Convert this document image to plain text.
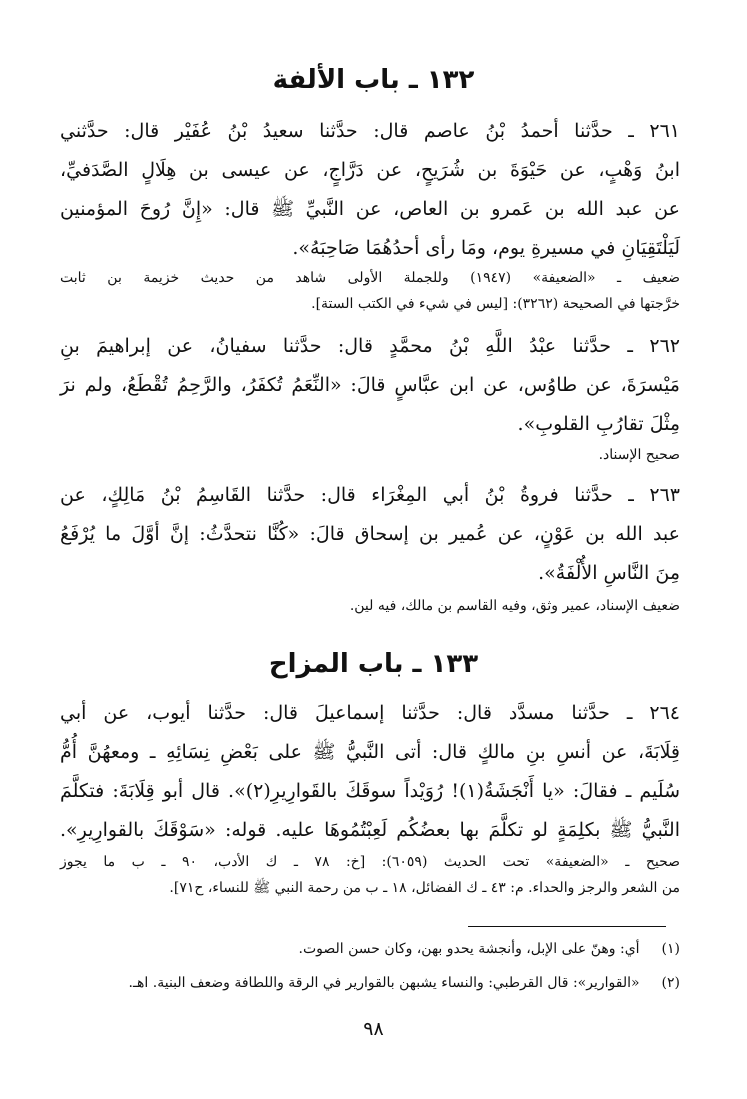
١٣٢ ـ باب الألفة
٢٦١ ـ حدَّثنا أحمدُ بْنُ عاصم قال: حدَّثنا سعيدُ بْنُ عُفَيْر قال: حدَّثني
ابنُ وَهْبٍ، عن حَيْوَةَ بن شُرَيحٍ، عن دَرَّاجٍ، عن عيسى بن هِلَالٍ الصَّدَفيِّ،
عن عبد الله بن عَمرو بن العاص، عن النَّبيِّ ﷺ قال: «إِنَّ رُوحَ المؤمنين
لَيَلْتَقِيَانِ في مسيرةِ يوم، ومَا رأى أحدُهُمَا صَاحِبَهُ».
ضعيف ـ «الضعيفة» (١٩٤٧) وللجملة الأولى شاهد من حديث خزيمة بن ثابت
خرَّجتها في الصحيحة (٣٢٦٢): [ليس في شيء في الكتب الستة].
٢٦٢ ـ حدَّثنا عبْدُ اللَّهِ بْنُ محمَّدٍ قال: حدَّثنا سفيانُ، عن إبراهيمَ بنِ
مَيْسرَةَ، عن طاوُس، عن ابن عبَّاسٍ قالَ: «النِّعَمُ تُكفَرُ، والرَّحِمُ تُقْطَعُ، ولم نرَ
مِثْلَ تقارُبِ القلوبِ».
صحيح الإسناد.
٢٦٣ ـ حدَّثنا فروةُ بْنُ أبي المِغْرَاء قال: حدَّثنا القَاسِمُ بْنُ مَالِكٍ، عن
عبد الله بن عَوْنٍ، عن عُمير بن إسحاق قالَ: «كُنَّا نتحدَّثُ: إنَّ أوَّلَ ما يُرْفَعُ
مِنَ النَّاسِ الأُلْفَةُ».
ضعيف الإسناد، عمير وثق، وفيه القاسم بن مالك، فيه لين.
١٣٣ ـ باب المزاح
٢٦٤ ـ حدَّثنا مسدَّد قال: حدَّثنا إسماعيلَ قال: حدَّثنا أيوب، عن أبي
قِلَابَةَ، عن أنسِ بنِ مالكٍ قال: أتى النَّبيُّ ﷺ على بَعْضِ نِسَائِهِ ـ ومعهُنَّ أُمُّ
سُلَيم ـ فقالَ: «يا أَنْجَشَةُ(١)! رُوَيْداً سوقَكَ بالقَوارِيرِ(٢)». قال أبو قِلَابَةَ: فتكلَّمَ
النَّبيُّ ﷺ بكلِمَةٍ لو تكلَّمَ بها بعضُكُم لَعِبْتُمُوهَا عليه. قوله: «سَوْقَكَ بالقوارِيرِ».
صحيح ـ «الضعيفة» تحت الحديث (٦٠٥٩): [خ: ٧٨ ـ ك الأدب، ٩٠ ـ ب ما يجوز
من الشعر والرجز والحداء. م: ٤٣ ـ ك الفضائل، ١٨ ـ ب من رحمة النبي ﷺ للنساء، ح٧١].
(١) أي: وهنّ على الإبل، وأنجشة يحدو بهن، وكان حسن الصوت.
(٢) «القوارير»: قال القرطبي: والنساء يشبهن بالقوارير في الرقة واللطافة وضعف البنية. اهـ.
٩٨
